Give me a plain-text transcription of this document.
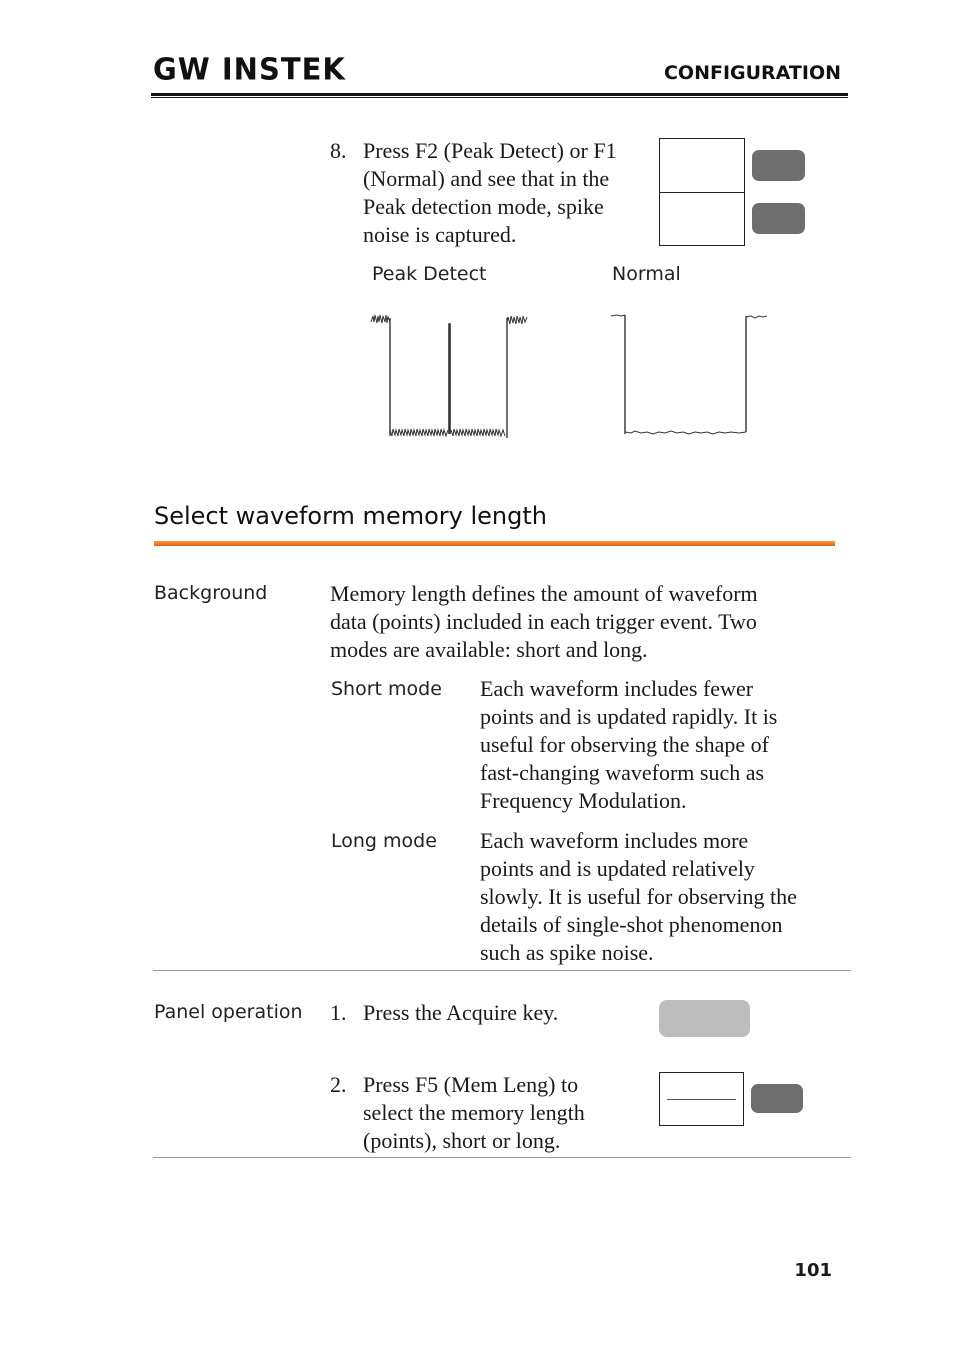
GW INSTEK	CONFIGURATION
8. Press F2 (Peak Detect) or F1
(Normal) and see that in the
Peak detection mode, spike
noise is captured.
Peak Detect	Normal
Select waveform memory length
Background	Memory length defines the amount of waveform
data (points) included in each trigger event. Two
modes are available: short and long.
Short mode Each waveform includes fewer
points and is updated rapidly. It is
useful for observing the shape of
fast-changing waveform such as
Frequency Modulation.
Long mode Each waveform includes more
points and is updated relatively
slowly. It is useful for observing the
details of single-shot phenomenon
such as spike noise.
Panel operation 1. Press the Acquire key.
2. Press F5 (Mem Leng) to
select the memory length
(points), short or long.
101
